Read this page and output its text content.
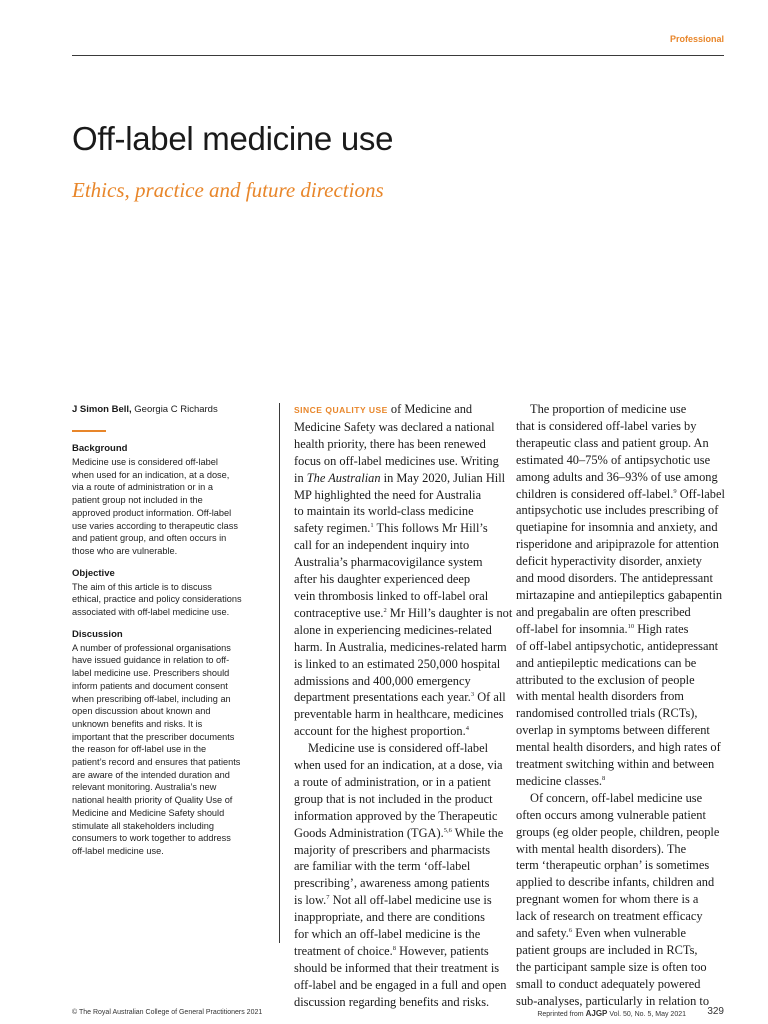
Professional
Off-label medicine use
Ethics, practice and future directions

J Simon Bell, Georgia C Richards

Background
Medicine use is considered off-label
when used for an indication, at a dose,
via a route of administration or in a
patient group not included in the
approved product information. Off-label
use varies according to therapeutic class
and patient group, and often occurs in
those who are vulnerable.
Objective
The aim of this article is to discuss
ethical, practice and policy considerations
associated with off-label medicine use.
Discussion
A number of professional organisations
have issued guidance in relation to off-
label medicine use. Prescribers should
inform patients and document consent
when prescribing off-label, including an
open discussion about known and
unknown benefits and risks. It is
important that the prescriber documents
the reason for off-label use in the
patient’s record and ensures that patients
are aware of the intended duration and
relevant monitoring. Australia’s new
national health priority of Quality Use of
Medicine and Medicine Safety should
stimulate all stakeholders including
consumers to work together to address
off-label medicine use.
SINCE QUALITY USE of Medicine and
Medicine Safety was declared a national
health priority, there has been renewed
focus on off-label medicines use. Writing
in The Australian in May 2020, Julian Hill
MP highlighted the need for Australia
to maintain its world-class medicine
safety regimen.$^1$ This follows Mr Hill’s
call for an independent inquiry into
Australia’s pharmacovigilance system
after his daughter experienced deep
vein thrombosis linked to off-label oral
contraceptive use.$^2$ Mr Hill’s daughter is not
alone in experiencing medicines-related
harm. In Australia, medicines-related harm
is linked to an estimated 250,000 hospital
admissions and 400,000 emergency
department presentations each year.$^3$ Of all
preventable harm in healthcare, medicines
account for the highest proportion.$^4$
Medicine use is considered off-label
when used for an indication, at a dose, via
a route of administration, or in a patient
group that is not included in the product
information approved by the Therapeutic
Goods Administration (TGA).$^{5,6}$ While the
majority of prescribers and pharmacists
are familiar with the term ‘off-label
prescribing’, awareness among patients
is low.$^7$ Not all off-label medicine use is
inappropriate, and there are conditions
for which an off-label medicine is the
treatment of choice.$^8$ However, patients
should be informed that their treatment is
off-label and be engaged in a full and open
discussion regarding benefits and risks.
The proportion of medicine use
that is considered off-label varies by
therapeutic class and patient group. An
estimated 40–75% of antipsychotic use
among adults and 36–93% of use among
children is considered off-label.$^9$ Off-label
antipsychotic use includes prescribing of
quetiapine for insomnia and anxiety, and
risperidone and aripiprazole for attention
deficit hyperactivity disorder, anxiety
and mood disorders. The antidepressant
mirtazapine and antiepileptics gabapentin
and pregabalin are often prescribed
off-label for insomnia.$^{10}$ High rates
of off-label antipsychotic, antidepressant
and antiepileptic medications can be
attributed to the exclusion of people
with mental health disorders from
randomised controlled trials (RCTs),
overlap in symptoms between different
mental health disorders, and high rates of
treatment switching within and between
medicine classes.$^8$
Of concern, off-label medicine use
often occurs among vulnerable patient
groups (eg older people, children, people
with mental health disorders). The
term ‘therapeutic orphan’ is sometimes
applied to describe infants, children and
pregnant women for whom there is a
lack of research on treatment efficacy
and safety.$^6$ Even when vulnerable
patient groups are included in RCTs,
the participant sample size is often too
small to conduct adequately powered
sub-analyses, particularly in relation to
© The Royal Australian College of General Practitioners 2021	Reprinted from AJGP Vol. 50, No. 5, May 2021 329
